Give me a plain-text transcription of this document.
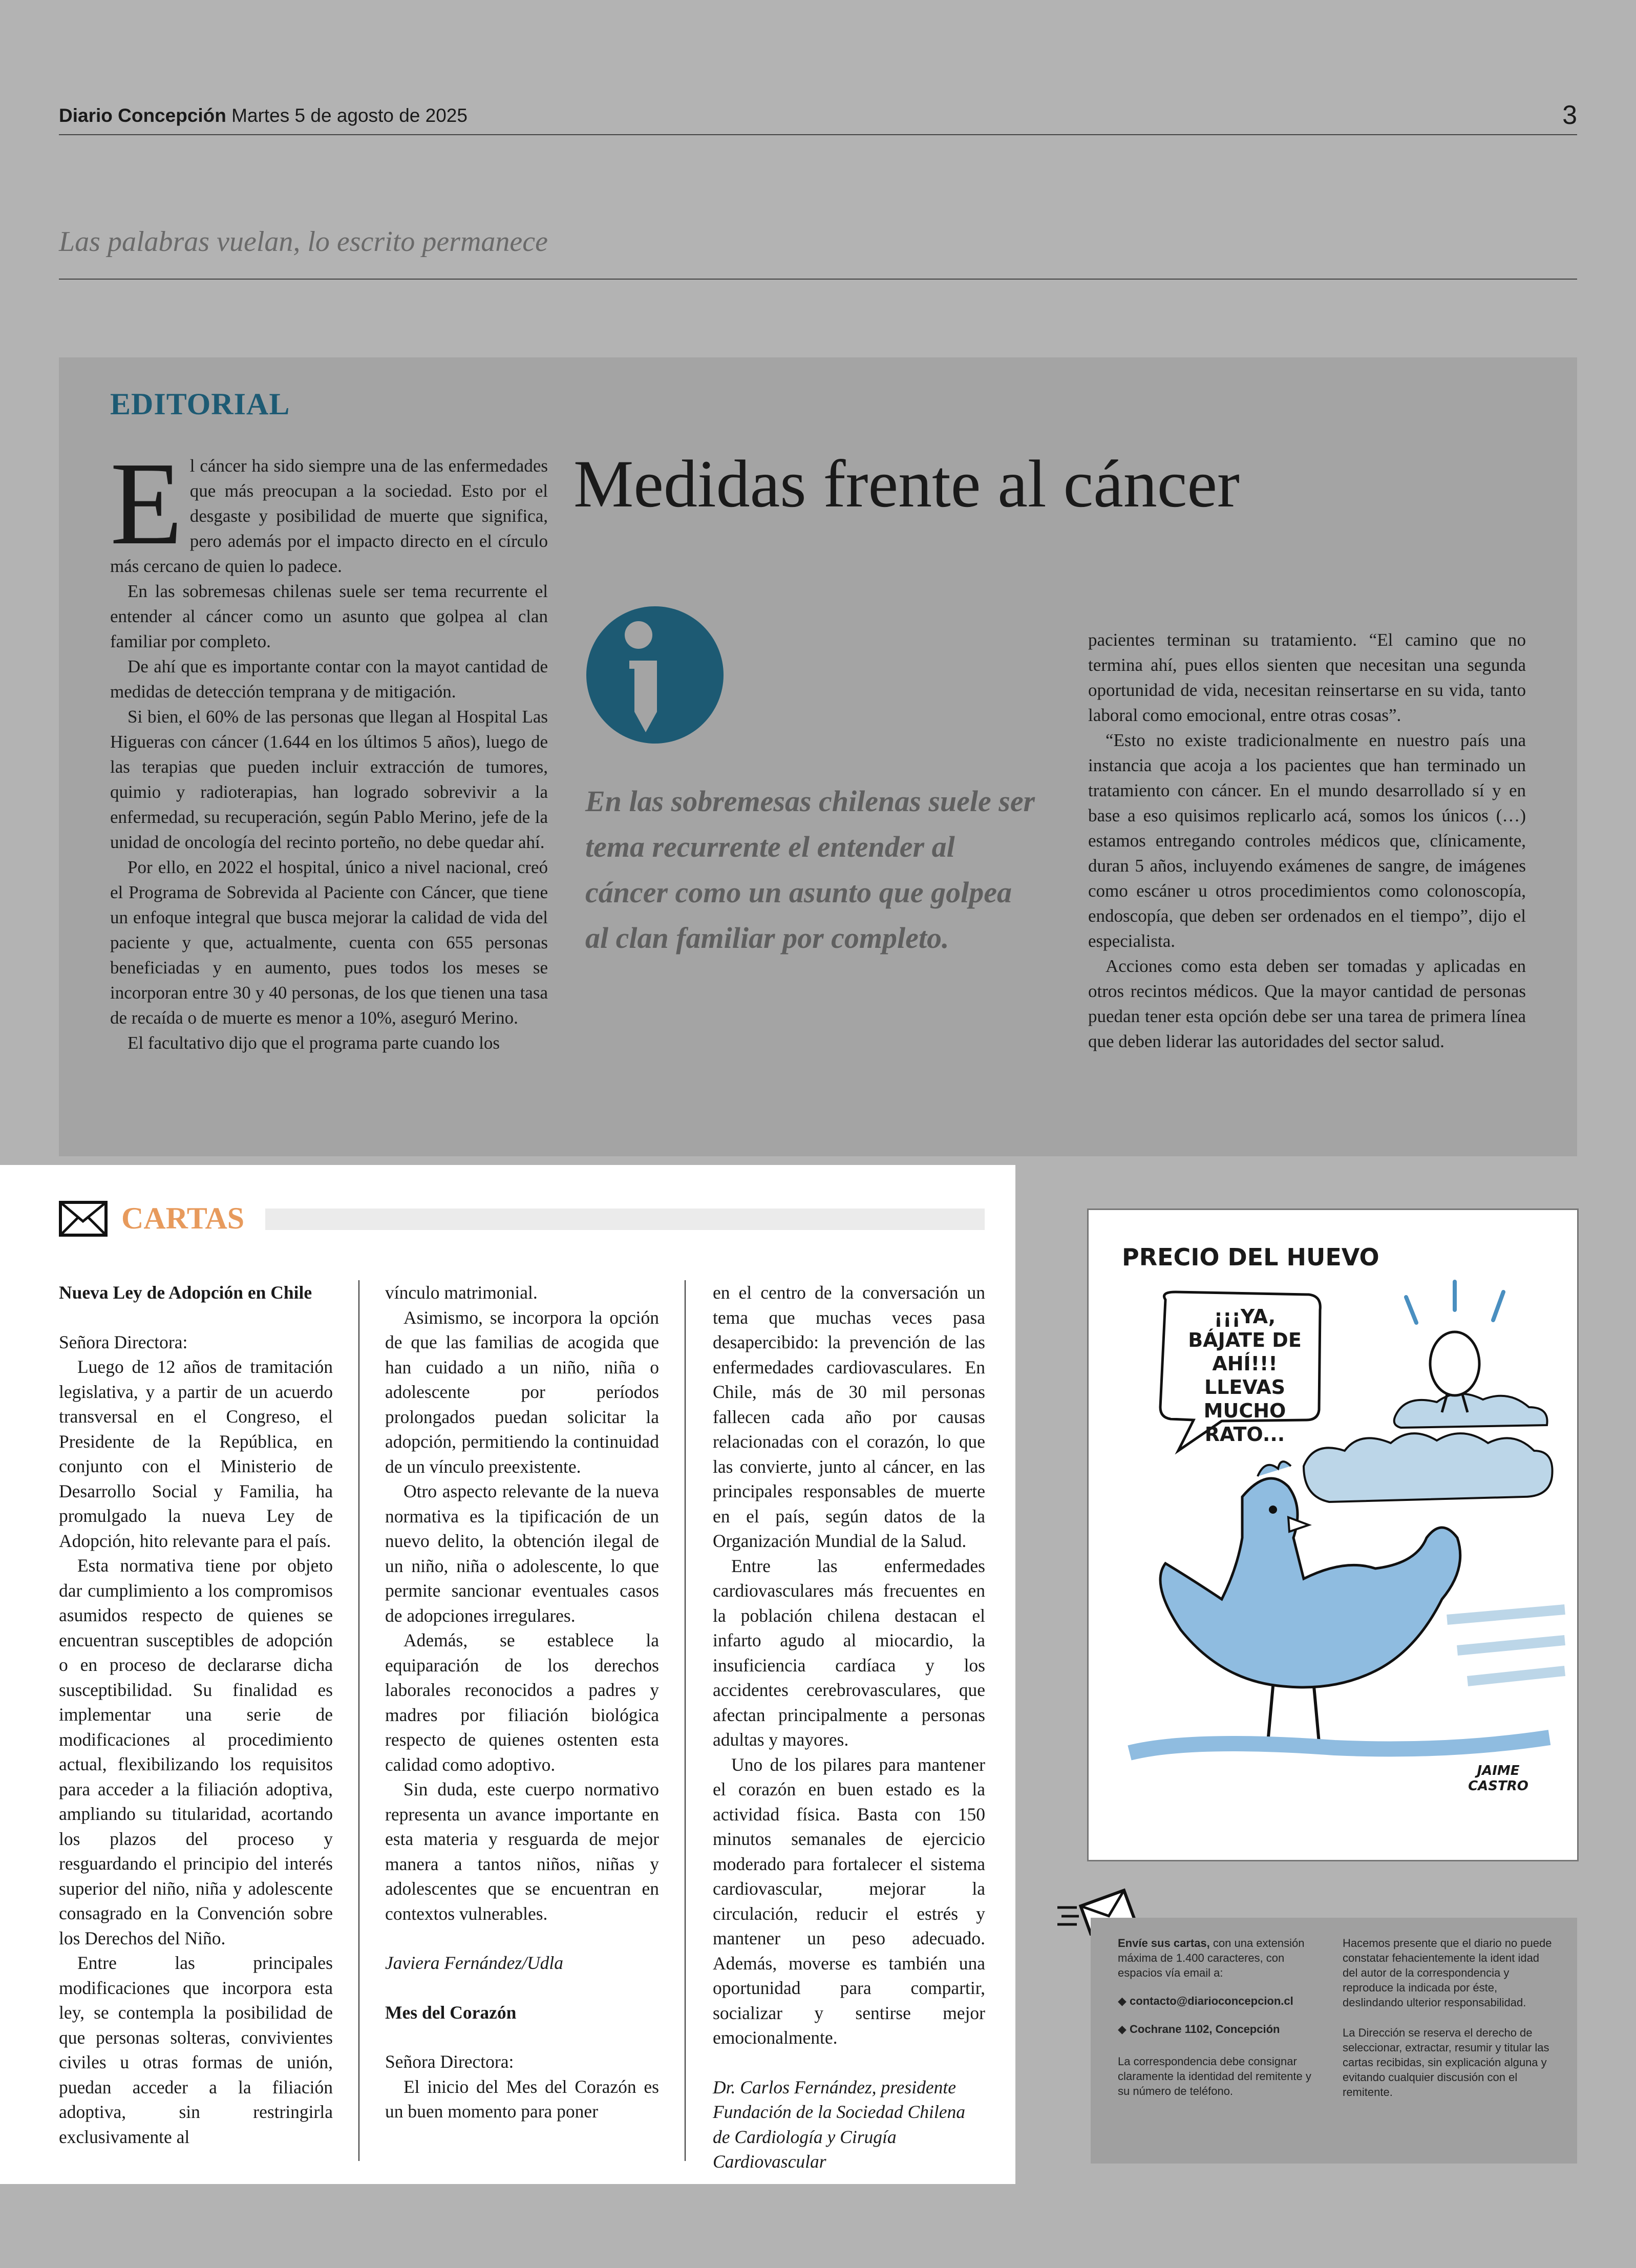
Diario Concepción Martes 5 de agosto de 2025	3
Las palabras vuelan, lo escrito permanece
EDITORIAL

El cáncer ha sido siempre una de las enfermedades que más preocupan a la sociedad. Esto por el desgaste y posibilidad de muerte que significa, pero además por el impacto directo en el círculo más cercano de quien lo padece.

En las sobremesas chilenas suele ser tema recurrente el entender al cáncer como un asunto que golpea al clan familiar por completo.

De ahí que es importante contar con la mayot cantidad de medidas de detección temprana y de mitigación.

Si bien, el 60% de las personas que llegan al Hospital Las Higueras con cáncer (1.644 en los últimos 5 años), luego de las terapias que pueden incluir extracción de tumores, quimio y radioterapias, han logrado sobrevivir a la enfermedad, su recuperación, según Pablo Merino, jefe de la unidad de oncología del recinto porteño, no debe quedar ahí.

Por ello, en 2022 el hospital, único a nivel nacional, creó el Programa de Sobrevida al Paciente con Cáncer, que tiene un enfoque integral que busca mejorar la calidad de vida del paciente y que, actualmente, cuenta con 655 personas beneficiadas y en aumento, pues todos los meses se incorporan entre 30 y 40 personas, de los que tienen una tasa de recaída o de muerte es menor a 10%, aseguró Merino.

El facultativo dijo que el programa parte cuando los

Medidas frente al cáncer
En las sobremesas chilenas suele ser tema recurrente el entender al cáncer como un asunto que golpea al clan familiar por completo.

pacientes terminan su tratamiento. “El camino que no termina ahí, pues ellos sienten que necesitan una segunda oportunidad de vida, necesitan reinsertarse en su vida, tanto laboral como emocional, entre otras cosas”.

“Esto no existe tradicionalmente en nuestro país una instancia que acoja a los pacientes que han terminado un tratamiento con cáncer. En el mundo desarrollado sí y en base a eso quisimos replicarlo acá, somos los únicos (…) estamos entregando controles médicos que, clínicamente, duran 5 años, incluyendo exámenes de sangre, de imágenes como escáner u otros procedimientos como colonoscopía, endoscopía, que deben ser ordenados en el tiempo”, dijo el especialista.

Acciones como esta deben ser tomadas y aplicadas en otros recintos médicos. Que la mayor cantidad de personas puedan tener esta opción debe ser una tarea de primera línea que deben liderar las autoridades del sector salud.

CARTAS

Nueva Ley de Adopción en Chile

Señora Directora:

Luego de 12 años de tramitación legislativa, y a partir de un acuerdo transversal en el Congreso, el Presidente de la República, en conjunto con el Ministerio de Desarrollo Social y Familia, ha promulgado la nueva Ley de Adopción, hito relevante para el país.

Esta normativa tiene por objeto dar cumplimiento a los compromisos asumidos respecto de quienes se encuentran susceptibles de adopción o en proceso de declararse dicha susceptibilidad. Su finalidad es implementar una serie de modificaciones al procedimiento actual, flexibilizando los requisitos para acceder a la filiación adoptiva, ampliando su titularidad, acortando los plazos del proceso y resguardando el principio del interés superior del niño, niña y adolescente consagrado en la Convención sobre los Derechos del Niño.

Entre las principales modificaciones que incorpora esta ley, se contempla la posibilidad de que personas solteras, convivientes civiles u otras formas de unión, puedan acceder a la filiación adoptiva, sin restringirla exclusivamente al

vínculo matrimonial.

Asimismo, se incorpora la opción de que las familias de acogida que han cuidado a un niño, niña o adolescente por períodos prolongados puedan solicitar la adopción, permitiendo la continuidad de un vínculo preexistente.

Otro aspecto relevante de la nueva normativa es la tipificación de un nuevo delito, la obtención ilegal de un niño, niña o adolescente, lo que permite sancionar eventuales casos de adopciones irregulares.

Además, se establece la equiparación de los derechos laborales reconocidos a padres y madres por filiación biológica respecto de quienes ostenten esta calidad como adoptivo.

Sin duda, este cuerpo normativo representa un avance importante en esta materia y resguarda de mejor manera a tantos niños, niñas y adolescentes que se encuentran en contextos vulnerables.

Javiera Fernández/Udla

Mes del Corazón

Señora Directora:

El inicio del Mes del Corazón es un buen momento para poner

en el centro de la conversación un tema que muchas veces pasa desapercibido: la prevención de las enfermedades cardiovasculares. En Chile, más de 30 mil personas fallecen cada año por causas relacionadas con el corazón, lo que las convierte, junto al cáncer, en las principales responsables de muerte en el país, según datos de la Organización Mundial de la Salud.

Entre las enfermedades cardiovasculares más frecuentes en la población chilena destacan el infarto agudo al miocardio, la insuficiencia cardíaca y los accidentes cerebrovasculares, que afectan principalmente a personas adultas y mayores.

Uno de los pilares para mantener el corazón en buen estado es la actividad física. Basta con 150 minutos semanales de ejercicio moderado para fortalecer el sistema cardiovascular, mejorar la circulación, reducir el estrés y mantener un peso adecuado. Además, moverse es también una oportunidad para compartir, socializar y sentirse mejor emocionalmente.

Dr. Carlos Fernández, presidente Fundación de la Sociedad Chilena de Cardiología y Cirugía Cardiovascular

PRECIO DEL HUEVO
¡¡¡YA, BÁJATE DE AHÍ!!! LLEVAS MUCHO RATO...
JAIME CASTRO
Envíe sus cartas, con una extensión máxima de 1.400 caracteres, con espacios vía email a:
◆ contacto@diarioconcepcion.cl
◆ Cochrane 1102, Concepción
La correspondencia debe consignar claramente la identidad del remitente y su número de teléfono.
Hacemos presente que el diario no puede constatar fehacientemente la ident idad del autor de la correspondencia y reproduce la indicada por éste, deslindando ulterior responsabilidad.
La Dirección se reserva el derecho de seleccionar, extractar, resumir y titular las cartas recibidas, sin explicación alguna y evitando cualquier discusión con el remitente.
